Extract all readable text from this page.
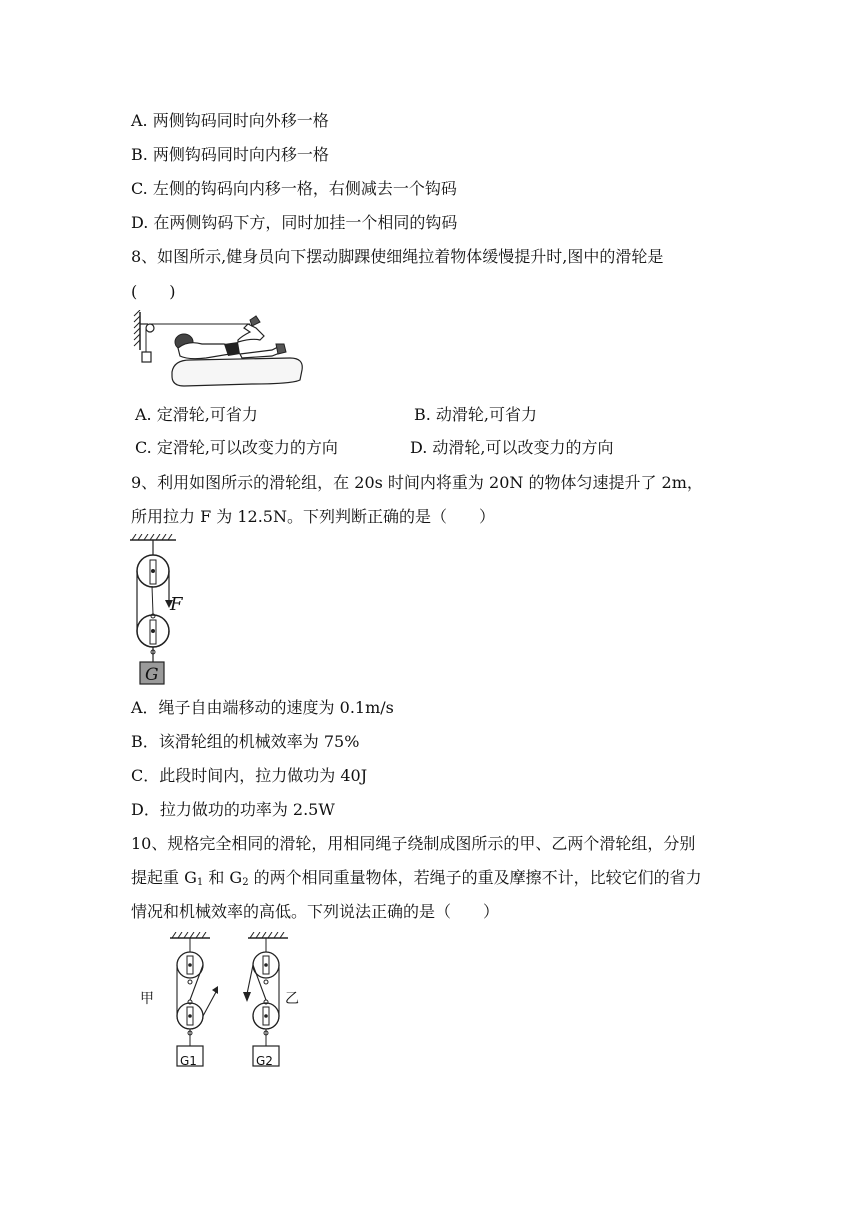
A. 两侧钩码同时向外移一格
B. 两侧钩码同时向内移一格
C. 左侧的钩码向内移一格，右侧减去一个钩码
D. 在两侧钩码下方，同时加挂一个相同的钩码
8、如图所示,健身员向下摆动脚踝使细绳拉着物体缓慢提升时,图中的滑轮是
(　　)
A. 定滑轮,可省力	B. 动滑轮,可省力
C. 定滑轮,可以改变力的方向	D. 动滑轮,可以改变力的方向
9、利用如图所示的滑轮组，在 20s 时间内将重为 20N 的物体匀速提升了 2m，
所用拉力 F 为 12.5N。下列判断正确的是（　　）
F
G
A．绳子自由端移动的速度为 0.1m/s
B．该滑轮组的机械效率为 75%
C．此段时间内，拉力做功为 40J
D．拉力做功的功率为 2.5W
10、规格完全相同的滑轮，用相同绳子绕制成图所示的甲、乙两个滑轮组，分别
提起重 $G_1$ 和 $G_2$ 的两个相同重量物体，若绳子的重及摩擦不计，比较它们的省力
情况和机械效率的高低。下列说法正确的是（　　）
甲	乙
G1	G2
